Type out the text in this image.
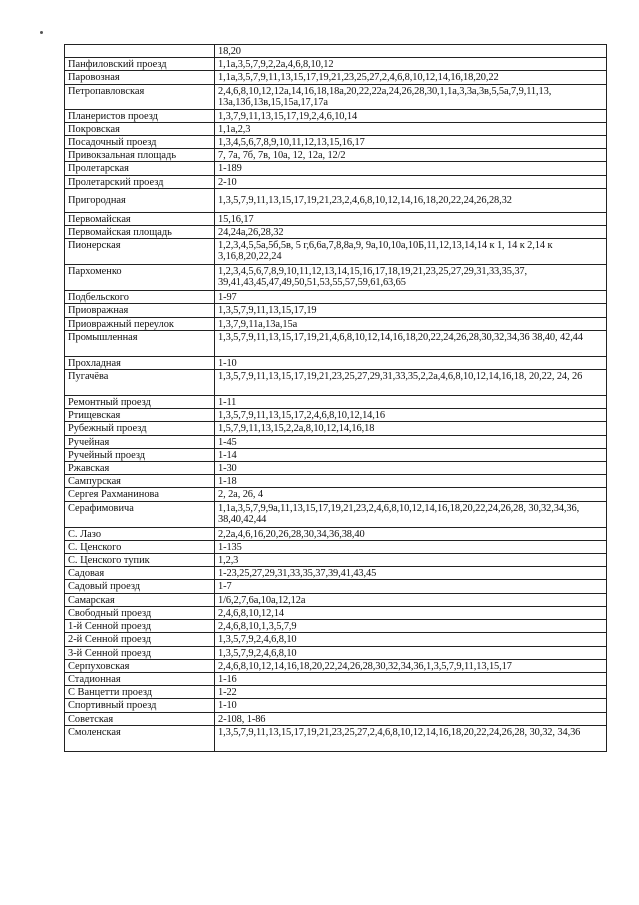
	18,20
Панфиловский проезд	1,1а,3,5,7,9,2,2а,4,6,8,10,12
Паровозная	1,1а,3,5,7,9,11,13,15,17,19,21,23,25,27,2,4,6,8,10,12,14,16,18,20,22
Петропавловская	2,4,6,8,10,12,12а,14,16,18,18а,20,22,22а,24,26,28,30,1,1а,3,3а,3в,5,5а,7,9,11,13, 13а,13б,13в,15,15а,17,17а
Планеристов проезд	1,3,7,9,11,13,15,17,19,2,4,6,10,14
Покровская	1,1а,2,3
Посадочный проезд	1,3,4,5,6,7,8,9,10,11,12,13,15,16,17
Привокзальная площадь	7, 7а, 7б, 7в, 10а, 12, 12а, 12/2
Пролетарская	1-189
Пролетарский проезд	2-10
Пригородная	1,3,5,7,9,11,13,15,17,19,21,23,2,4,6,8,10,12,14,16,18,20,22,24,26,28,32
Первомайская	15,16,17
Первомайская площадь	24,24а,26,28,32
Пионерская	1,2,3,4,5,5а,5б,5в, 5 г,6,6а,7,8,8а,9, 9а,10,10а,10Б,11,12,13,14,14 к 1, 14 к 2,14 к 3,16,8,20,22,24
Пархоменко	1,2,3,4,5,6,7,8,9,10,11,12,13,14,15,16,17,18,19,21,23,25,27,29,31,33,35,37, 39,41,43,45,47,49,50,51,53,55,57,59,61,63,65
Подбельского	1-97
Приовражная	1,3,5,7,9,11,13,15,17,19
Приовражный переулок	1,3,7,9,11а,13а,15а
Промышленная	1,3,5,7,9,11,13,15,17,19,21,4,6,8,10,12,14,16,18,20,22,24,26,28,30,32,34,36 38,40, 42,44
Прохладная	1-10
Пугачёва	1,3,5,7,9,11,13,15,17,19,21,23,25,27,29,31,33,35,2,2а,4,6,8,10,12,14,16,18, 20,22, 24, 26
Ремонтный проезд	1-11
Ртищевская	1,3,5,7,9,11,13,15,17,2,4,6,8,10,12,14,16
Рубежный проезд	1,5,7,9,11,13,15,2,2а,8,10,12,14,16,18
Ручейная	1-45
Ручейный проезд	1-14
Ржавская	1-30
Сампурская	1-18
Сергея Рахманинова	2, 2а, 26, 4
Серафимовича	1,1а,3,5,7,9,9а,11,13,15,17,19,21,23,2,4,6,8,10,12,14,16,18,20,22,24,26,28, 30,32,34,36, 38,40,42,44
С. Лазо	2,2а,4,6,16,20,26,28,30,34,36,38,40
С. Ценского	1-135
С. Ценского тупик	1,2,3
Садовая	1-23,25,27,29,31,33,35,37,39,41,43,45
Садовый проезд	1-7
Самарская	1/6,2,7,6а,10а,12,12а
Свободный проезд	2,4,6,8,10,12,14
1-й Сенной проезд	2,4,6,8,10,1,3,5,7,9
2-й Сенной проезд	1,3,5,7,9,2,4,6,8,10
3-й Сенной проезд	1,3,5,7,9,2,4,6,8,10
Серпуховская	2,4,6,8,10,12,14,16,18,20,22,24,26,28,30,32,34,36,1,3,5,7,9,11,13,15,17
Стадионная	1-16
С Ванцетти проезд	1-22
Спортивный проезд	1-10
Советская	2-108, 1-86
Смоленская	1,3,5,7,9,11,13,15,17,19,21,23,25,27,2,4,6,8,10,12,14,16,18,20,22,24,26,28, 30,32, 34,36
